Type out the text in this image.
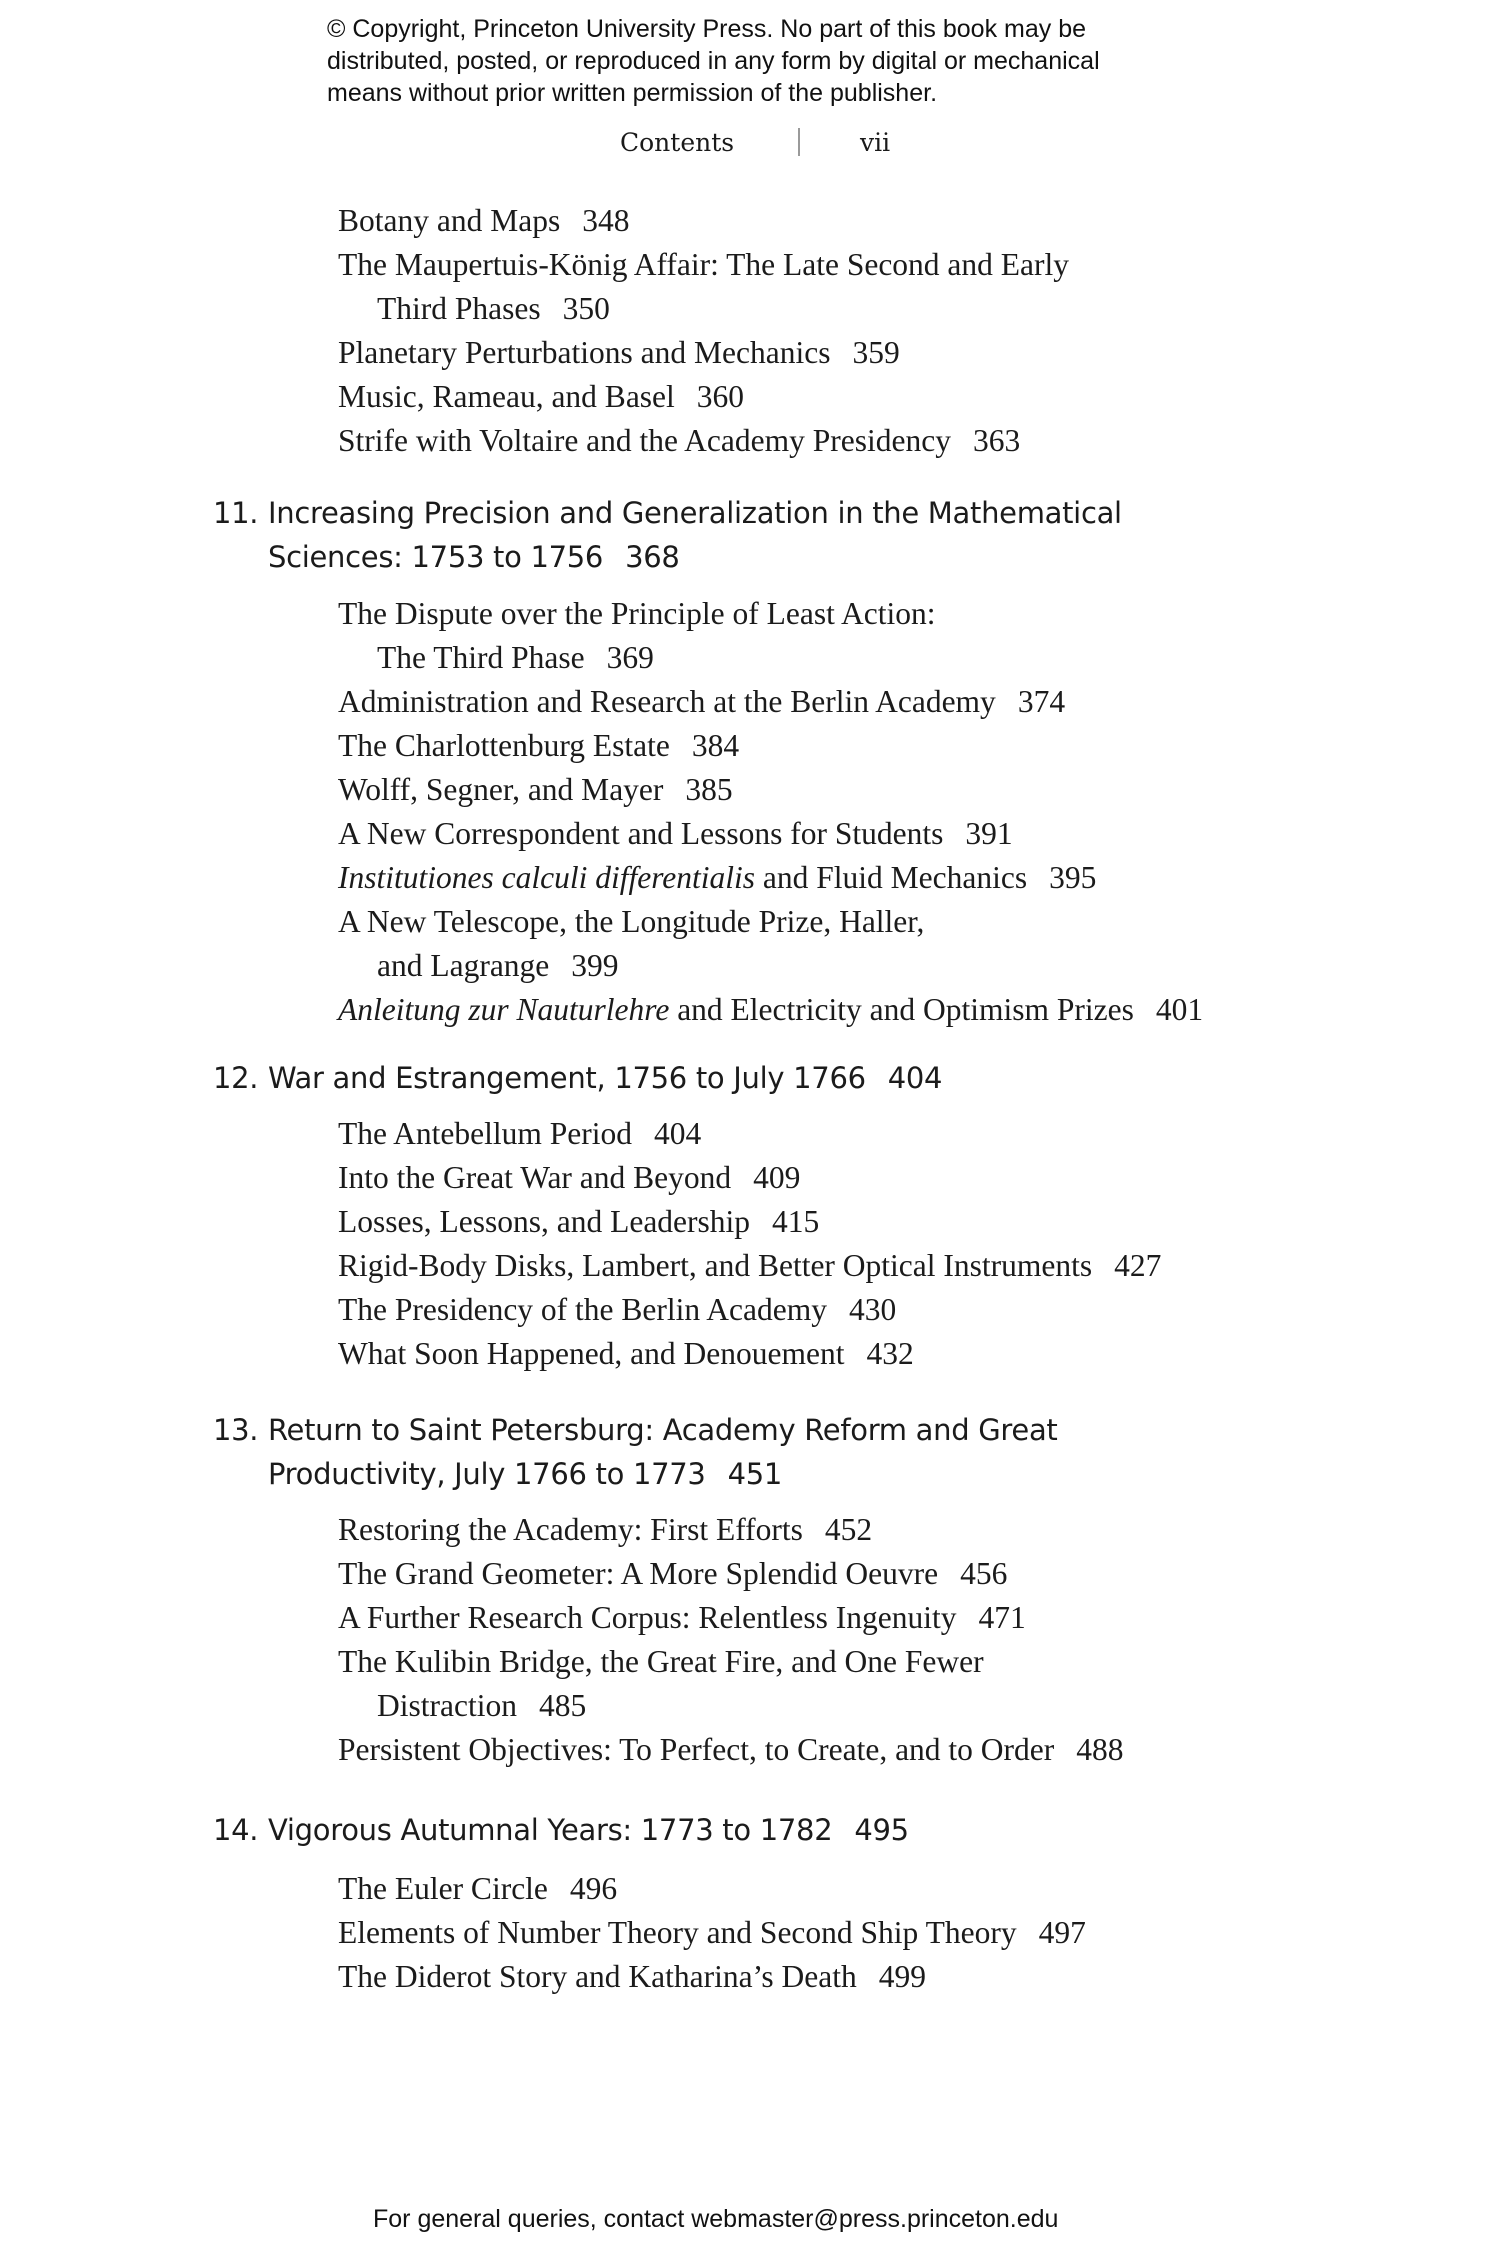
© Copyright, Princeton University Press. No part of this book may be
distributed, posted, or reproduced in any form by digital or mechanical
means without prior written permission of the publisher.
Contents	vii
Botany and Maps 348
The Maupertuis-König Affair: The Late Second and Early
Third Phases 350
Planetary Perturbations and Mechanics 359
Music, Rameau, and Basel 360
Strife with Voltaire and the Academy Presidency 363
11. Increasing Precision and Generalization in the Mathematical
Sciences: 1753 to 1756 368
The Dispute over the Principle of Least Action:
The Third Phase 369
Administration and Research at the Berlin Academy 374
The Charlottenburg Estate 384
Wolff, Segner, and Mayer 385
A New Correspondent and Lessons for Students 391
Institutiones calculi differentialis and Fluid Mechanics 395
A New Telescope, the Longitude Prize, Haller,
and Lagrange 399
Anleitung zur Nauturlehre and Electricity and Optimism Prizes 401
12. War and Estrangement, 1756 to July 1766 404
The Antebellum Period 404
Into the Great War and Beyond 409
Losses, Lessons, and Leadership 415
Rigid-Body Disks, Lambert, and Better Optical Instruments 427
The Presidency of the Berlin Academy 430
What Soon Happened, and Denouement 432
13. Return to Saint Petersburg: Academy Reform and Great
Productivity, July 1766 to 1773 451
Restoring the Academy: First Efforts 452
The Grand Geometer: A More Splendid Oeuvre 456
A Further Research Corpus: Relentless Ingenuity 471
The Kulibin Bridge, the Great Fire, and One Fewer
Distraction 485
Persistent Objectives: To Perfect, to Create, and to Order 488
14. Vigorous Autumnal Years: 1773 to 1782 495
The Euler Circle 496
Elements of Number Theory and Second Ship Theory 497
The Diderot Story and Katharina’s Death 499
For general queries, contact webmaster@press.princeton.edu
